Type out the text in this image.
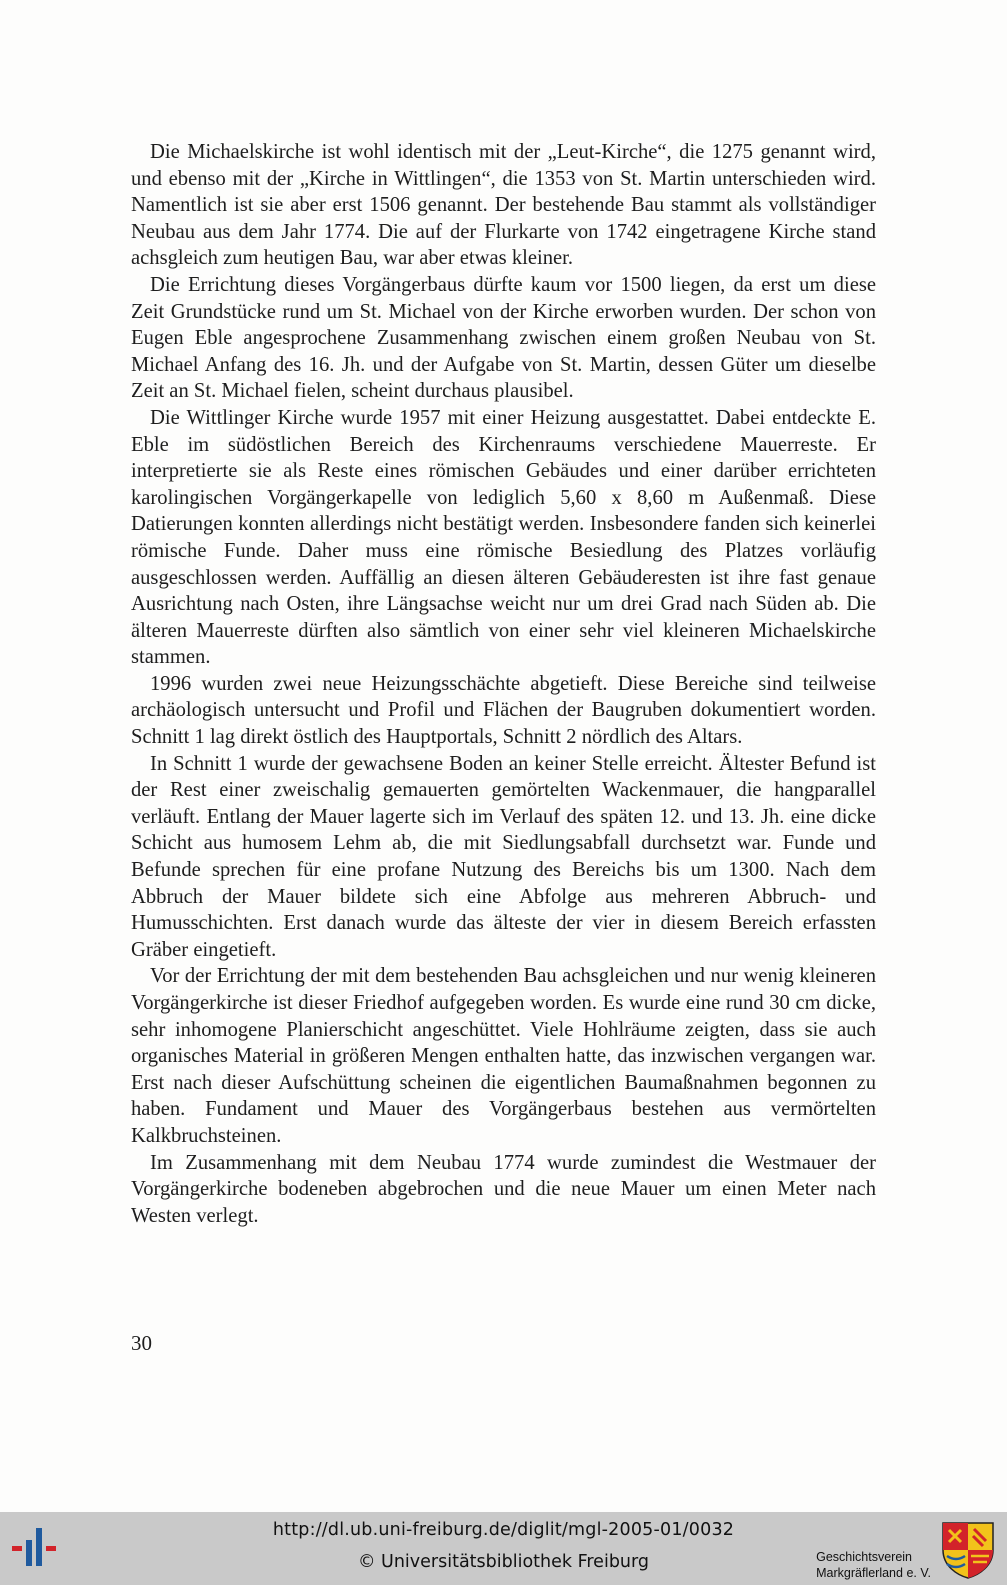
Die Michaelskirche ist wohl identisch mit der „Leut-Kirche“, die 1275 genannt wird, und ebenso mit der „Kirche in Wittlingen“, die 1353 von St. Martin unterschieden wird. Namentlich ist sie aber erst 1506 genannt. Der bestehende Bau stammt als vollständiger Neubau aus dem Jahr 1774. Die auf der Flurkarte von 1742 eingetragene Kirche stand achsgleich zum heutigen Bau, war aber etwas kleiner.

Die Errichtung dieses Vorgängerbaus dürfte kaum vor 1500 liegen, da erst um diese Zeit Grundstücke rund um St. Michael von der Kirche erworben wurden. Der schon von Eugen Eble angesprochene Zusammenhang zwischen einem großen Neubau von St. Michael Anfang des 16. Jh. und der Aufgabe von St. Martin, dessen Güter um dieselbe Zeit an St. Michael fielen, scheint durchaus plausibel.

Die Wittlinger Kirche wurde 1957 mit einer Heizung ausgestattet. Dabei entdeckte E. Eble im südöstlichen Bereich des Kirchenraums verschiedene Mauerreste. Er interpretierte sie als Reste eines römischen Gebäudes und einer darüber errichteten karolingischen Vorgängerkapelle von lediglich 5,60 x 8,60 m Außenmaß. Diese Datierungen konnten allerdings nicht bestätigt werden. Insbesondere fanden sich keinerlei römische Funde. Daher muss eine römische Besiedlung des Platzes vorläufig ausgeschlossen werden. Auffällig an diesen älteren Gebäuderesten ist ihre fast genaue Ausrichtung nach Osten, ihre Längsachse weicht nur um drei Grad nach Süden ab. Die älteren Mauerreste dürften also sämtlich von einer sehr viel kleineren Michaelskirche stammen.

1996 wurden zwei neue Heizungsschächte abgetieft. Diese Bereiche sind teilweise archäologisch untersucht und Profil und Flächen der Baugruben dokumentiert worden. Schnitt 1 lag direkt östlich des Hauptportals, Schnitt 2 nördlich des Altars.

In Schnitt 1 wurde der gewachsene Boden an keiner Stelle erreicht. Ältester Befund ist der Rest einer zweischalig gemauerten gemörtelten Wackenmauer, die hangparallel verläuft. Entlang der Mauer lagerte sich im Verlauf des späten 12. und 13. Jh. eine dicke Schicht aus humosem Lehm ab, die mit Siedlungsabfall durchsetzt war. Funde und Befunde sprechen für eine profane Nutzung des Bereichs bis um 1300. Nach dem Abbruch der Mauer bildete sich eine Abfolge aus mehreren Abbruch- und Humusschichten. Erst danach wurde das älteste der vier in diesem Bereich erfassten Gräber eingetieft.

Vor der Errichtung der mit dem bestehenden Bau achsgleichen und nur wenig kleineren Vorgängerkirche ist dieser Friedhof aufgegeben worden. Es wurde eine rund 30 cm dicke, sehr inhomogene Planierschicht angeschüttet. Viele Hohlräume zeigten, dass sie auch organisches Material in größeren Mengen enthalten hatte, das inzwischen vergangen war. Erst nach dieser Aufschüttung scheinen die eigentlichen Baumaßnahmen begonnen zu haben. Fundament und Mauer des Vorgängerbaus bestehen aus vermörtelten Kalkbruchsteinen.

Im Zusammenhang mit dem Neubau 1774 wurde zumindest die Westmauer der Vorgängerkirche bodeneben abgebrochen und die neue Mauer um einen Meter nach Westen verlegt.

30
http://dl.ub.uni-freiburg.de/diglit/mgl-2005-01/0032
© Universitätsbibliothek Freiburg	Geschichtsverein
Markgräflerland e. V.
